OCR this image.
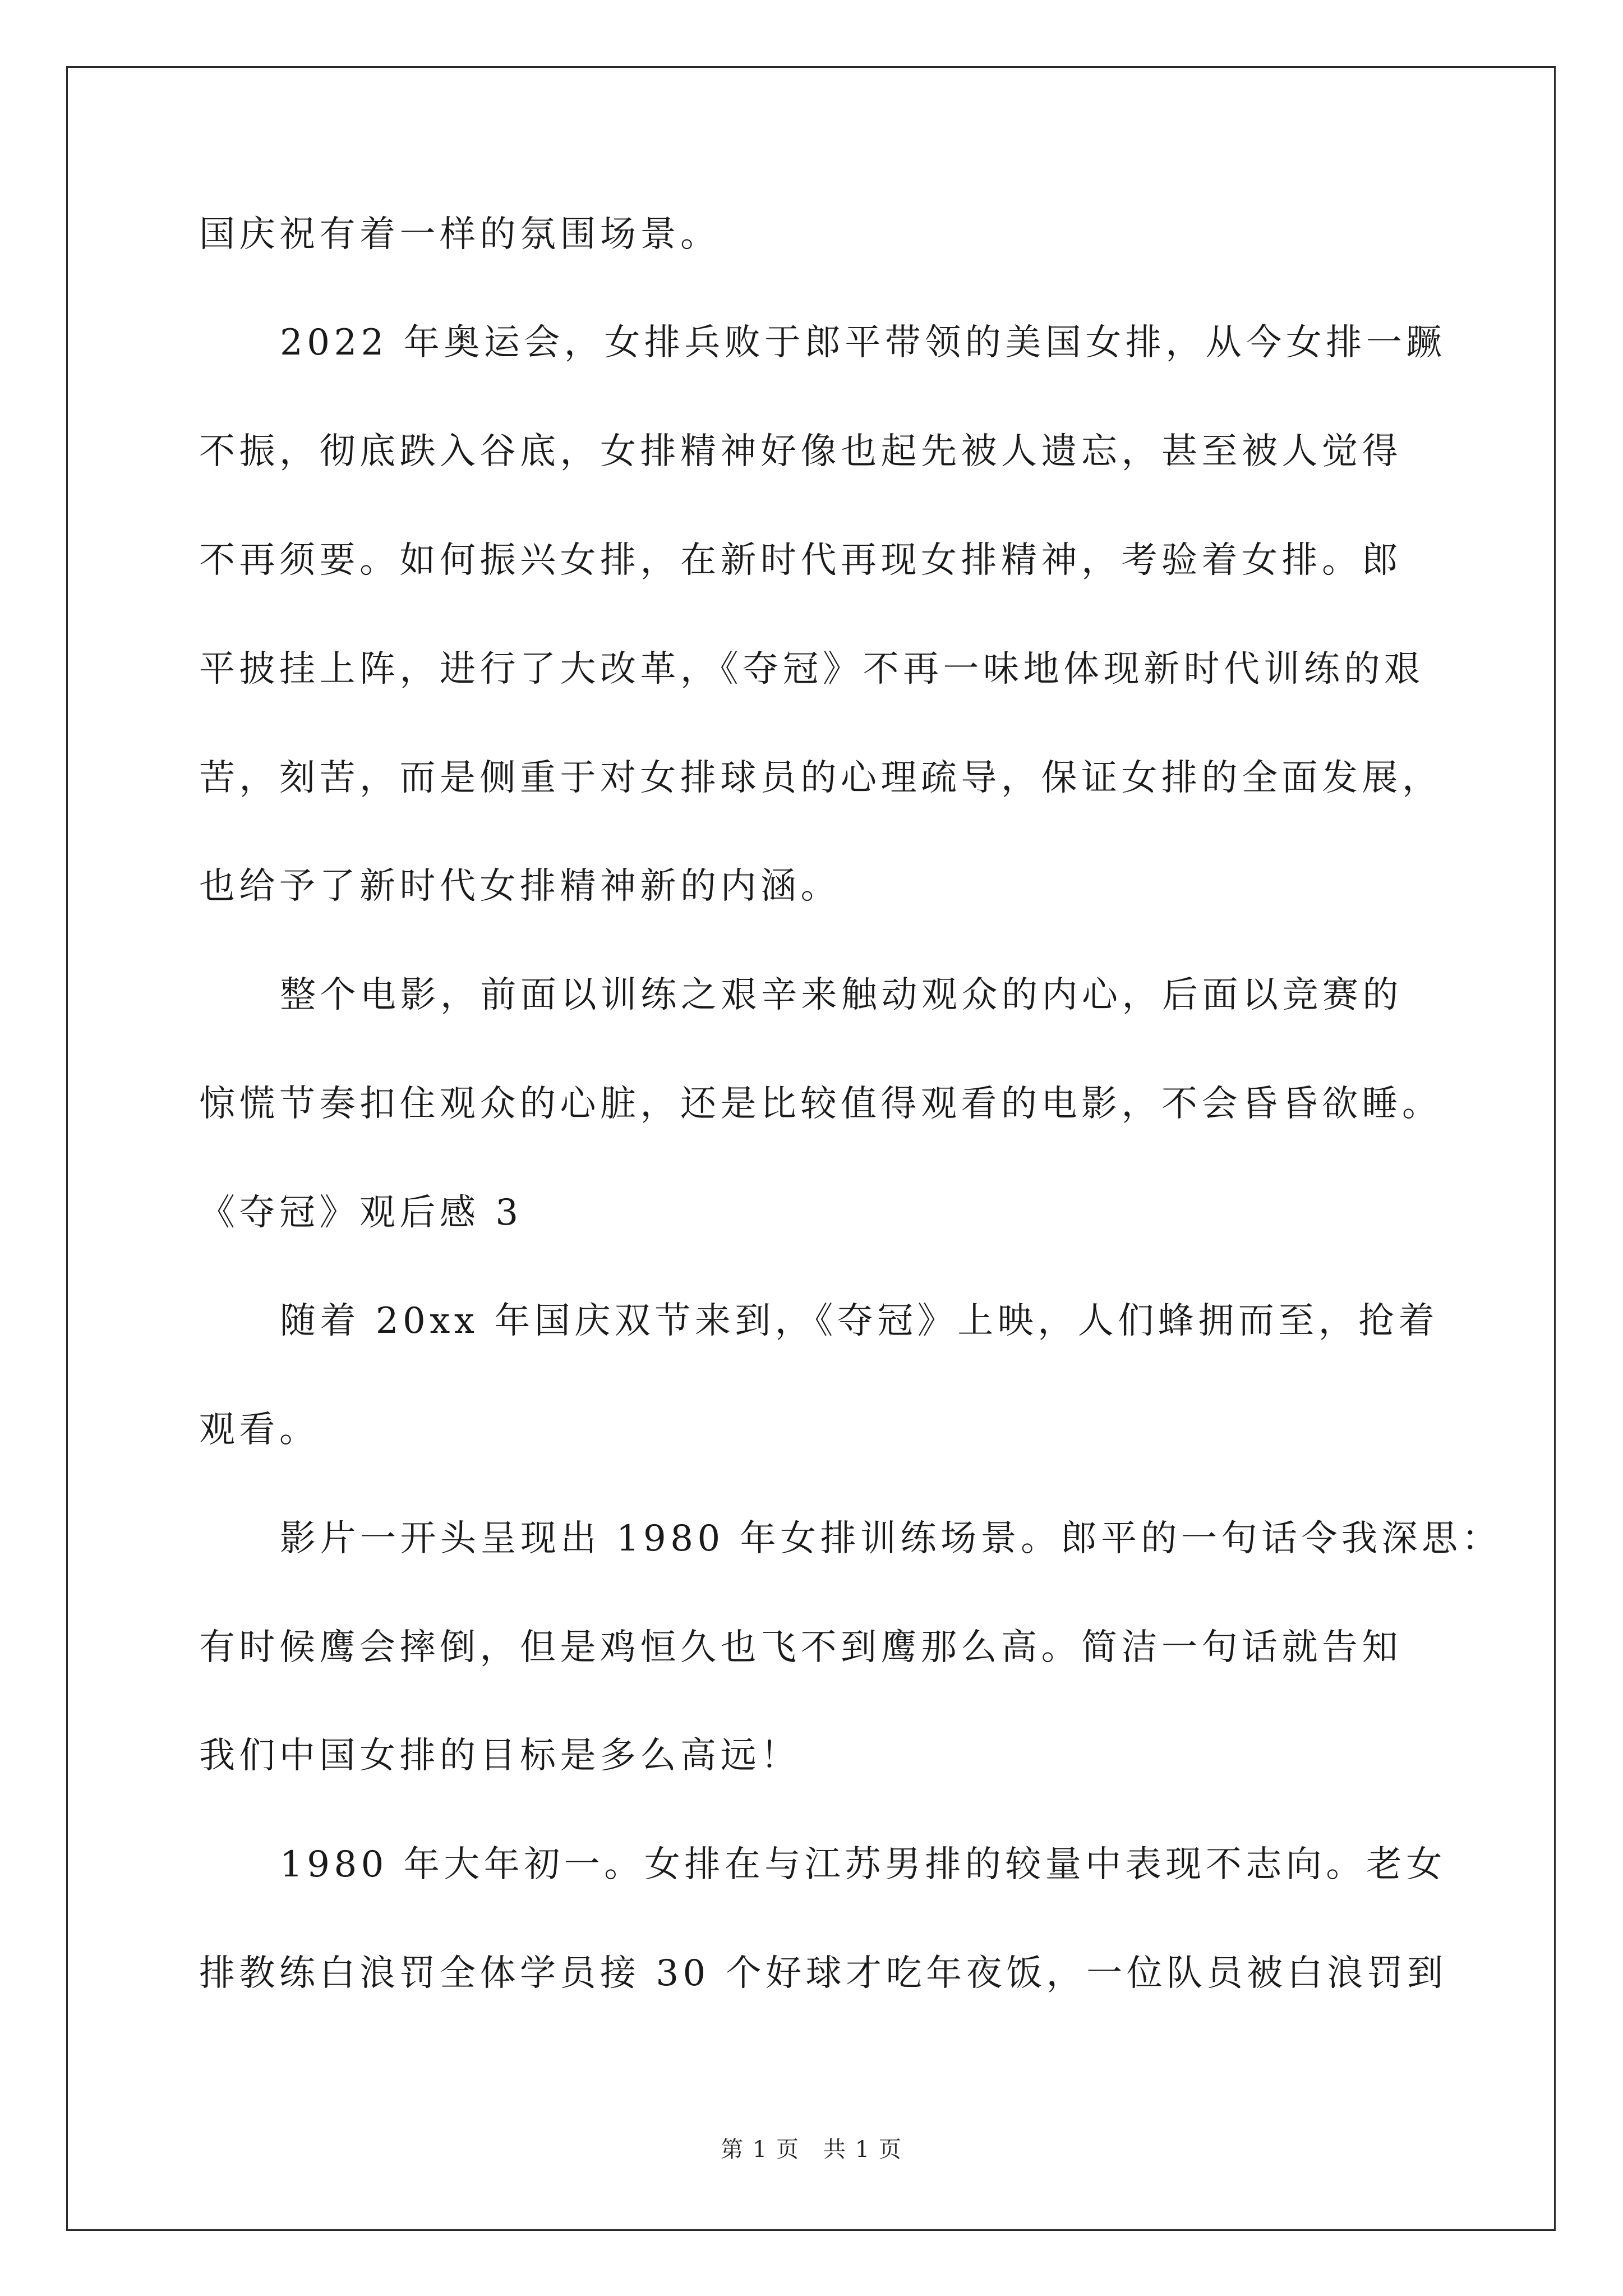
国庆祝有着一样的氛围场景。
2022 年奥运会，女排兵败于郎平带领的美国女排，从今女排一蹶
不振，彻底跌入谷底，女排精神好像也起先被人遗忘，甚至被人觉得
不再须要。如何振兴女排，在新时代再现女排精神，考验着女排。郎
平披挂上阵，进行了大改革，《夺冠》不再一味地体现新时代训练的艰
苦，刻苦，而是侧重于对女排球员的心理疏导，保证女排的全面发展，
也给予了新时代女排精神新的内涵。
整个电影，前面以训练之艰辛来触动观众的内心，后面以竞赛的
惊慌节奏扣住观众的心脏，还是比较值得观看的电影，不会昏昏欲睡。
《夺冠》观后感 3
随着 20xx 年国庆双节来到，《夺冠》上映，人们蜂拥而至，抢着
观看。
影片一开头呈现出 1980 年女排训练场景。郎平的一句话令我深思：
有时候鹰会摔倒，但是鸡恒久也飞不到鹰那么高。简洁一句话就告知
我们中国女排的目标是多么高远！
1980 年大年初一。女排在与江苏男排的较量中表现不志向。老女
排教练白浪罚全体学员接 30 个好球才吃年夜饭，一位队员被白浪罚到
第 1 页　共 1 页
